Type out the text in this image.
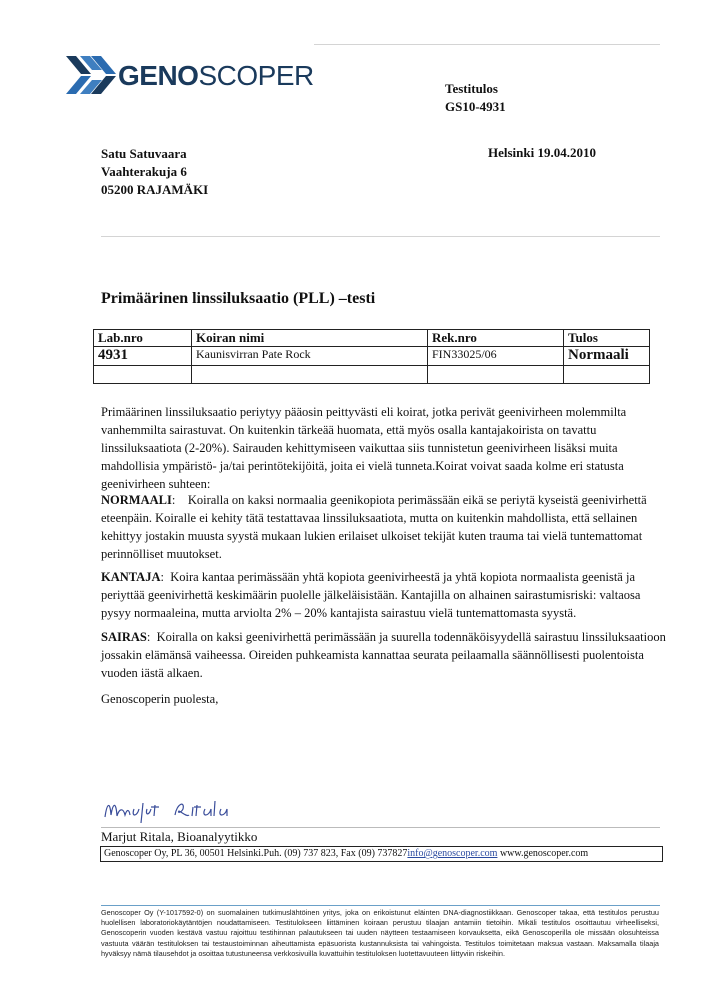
GENOSCOPER	Testitulos
GS10-4931
Satu Satuvaara
Vaahterakuja 6
05200 RAJAMÄKI
Helsinki 19.04.2010
Primäärinen linssiluksaatio (PLL) –testi
Lab.nro	Koiran nimi	Rek.nro	Tulos
4931	Kaunisvirran Pate Rock	FIN33025/06	Normaali

Primäärinen linssiluksaatio periytyy pääosin peittyvästi eli koirat, jotka perivät geenivirheen molemmilta vanhemmilta sairastuvat. On kuitenkin tärkeää huomata, että myös osalla kantajakoirista on tavattu linssiluksaatiota (2-20%). Sairauden kehittymiseen vaikuttaa siis tunnistetun geenivirheen lisäksi muita mahdollisia ympäristö- ja/tai perintötekijöitä, joita ei vielä tunneta.Koirat voivat saada kolme eri statusta geenivirheen suhteen:
NORMAALI:    Koiralla on kaksi normaalia geenikopiota perimässään eikä se periytä kyseistä geenivirhettä eteenpäin. Koiralle ei kehity tätä testattavaa linssiluksaatiota, mutta on kuitenkin mahdollista, että sellainen kehittyy jostakin muusta syystä mukaan lukien erilaiset ulkoiset tekijät kuten trauma tai vielä tuntemattomat perinnölliset muutokset.
KANTAJA:  Koira kantaa perimässään yhtä kopiota geenivirheestä ja yhtä kopiota normaalista geenistä ja periyttää geenivirhettä keskimäärin puolelle jälkeläisistään. Kantajilla on alhainen sairastumisriski: valtaosa pysyy normaaleina, mutta arviolta 2% – 20% kantajista sairastuu vielä tuntemattomasta syystä.
SAIRAS:  Koiralla on kaksi geenivirhettä perimässään ja suurella todennäköisyydellä sairastuu linssiluksaatioon jossakin elämänsä vaiheessa. Oireiden puhkeamista kannattaa seurata peilaamalla säännöllisesti puolentoista vuoden iästä alkaen.
Genoscoperin puolesta,
Marjut Ritala, Bioanalyytikko
Genoscoper Oy, PL 36, 00501 Helsinki.Puh. (09) 737 823, Fax (09) 737827info@genoscoper.com www.genoscoper.com
Genoscoper Oy (Y-1017592-0) on suomalainen tutkimuslähtöinen yritys, joka on erikoistunut eläinten DNA-diagnostiikkaan. Genoscoper takaa, että testitulos perustuu huolellisen laboratoriokäytäntöjen noudattamiseen. Testitulokseen liittäminen koiraan perustuu tilaajan antamiin tietoihin. Mikäli testitulos osoittautuu virheelliseksi, Genoscoperin vuoden kestävä vastuu rajoittuu testihinnan palautukseen tai uuden näytteen testaamiseen korvauksetta, eikä Genoscoperilla ole missään olosuhteissa vastuuta väärän testituloksen tai testaustoiminnan aiheuttamista epäsuorista kustannuksista tai vahingoista. Testitulos toimitetaan maksua vastaan. Maksamalla tilaaja hyväksyy nämä tilausehdot ja osoittaa tutustuneensa verkkosivuilla kuvattuihin testituloksen luotettavuuteen liittyviin riskeihin.
